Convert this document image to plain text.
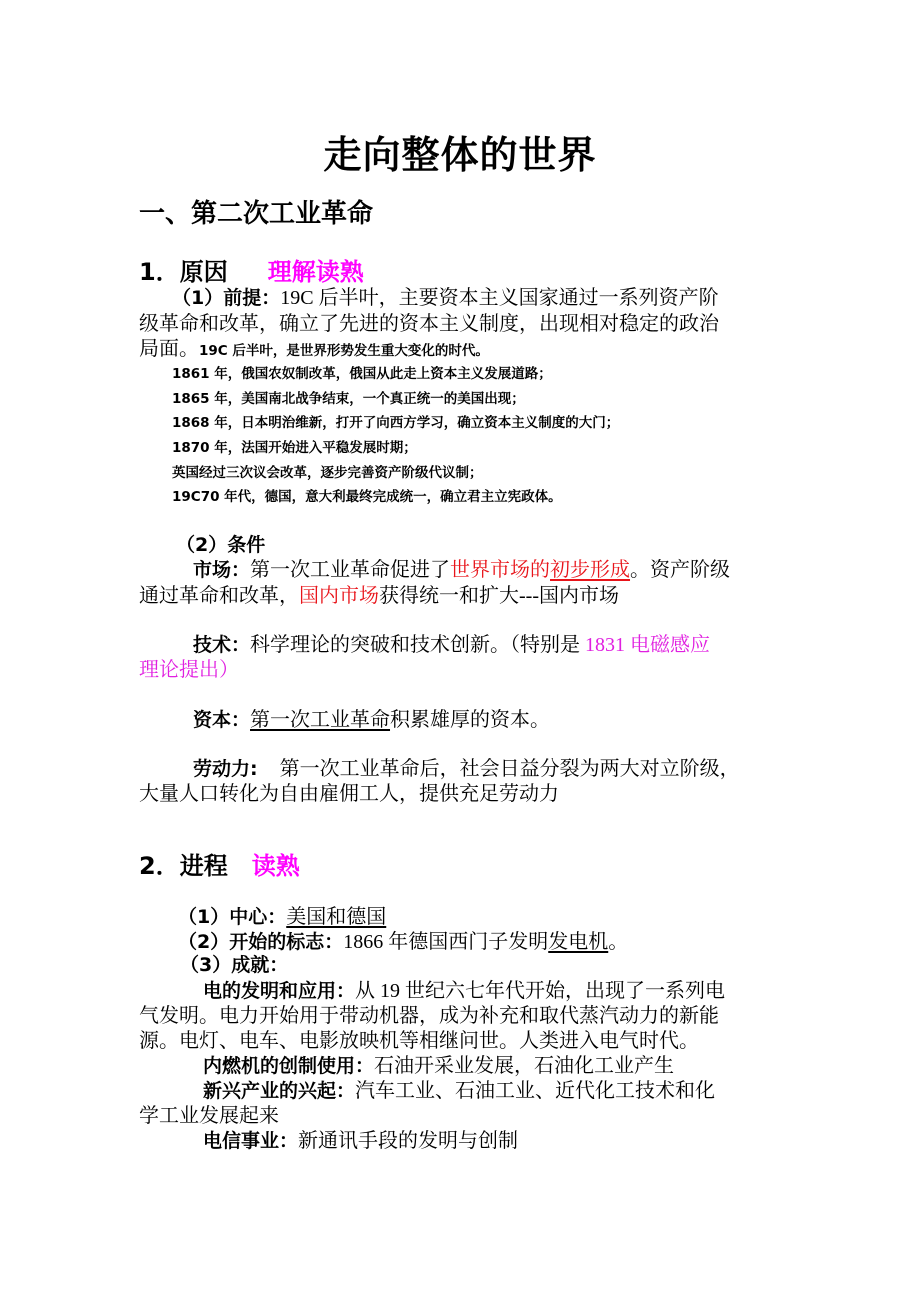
走向整体的世界
一、第二次工业革命
1．原因 理解读熟
（1）前提：19C 后半叶，主要资本主义国家通过一系列资产阶
级革命和改革，确立了先进的资本主义制度，出现相对稳定的政治
局面。19C 后半叶，是世界形势发生重大变化的时代。
1861 年，俄国农奴制改革，俄国从此走上资本主义发展道路；
1865 年，美国南北战争结束，一个真正统一的美国出现；
1868 年，日本明治维新，打开了向西方学习，确立资本主义制度的大门；
1870 年，法国开始进入平稳发展时期；
英国经过三次议会改革，逐步完善资产阶级代议制；
19C70 年代，德国，意大利最终完成统一，确立君主立宪政体。
（2）条件
市场：第一次工业革命促进了世界市场的初步形成。资产阶级
通过革命和改革，国内市场获得统一和扩大---国内市场
技术：科学理论的突破和技术创新。（特别是 1831 电磁感应
理论提出）
资本：第一次工业革命积累雄厚的资本。
劳动力: 第一次工业革命后，社会日益分裂为两大对立阶级，
大量人口转化为自由雇佣工人，提供充足劳动力
2．进程 读熟
（1）中心：美国和德国
（2）开始的标志：1866 年德国西门子发明发电机。
（3）成就：
电的发明和应用：从 19 世纪六七年代开始，出现了一系列电
气发明。电力开始用于带动机器，成为补充和取代蒸汽动力的新能
源。电灯、电车、电影放映机等相继问世。人类进入电气时代。
内燃机的创制使用：石油开采业发展，石油化工业产生
新兴产业的兴起：汽车工业、石油工业、近代化工技术和化
学工业发展起来
电信事业：新通讯手段的发明与创制
